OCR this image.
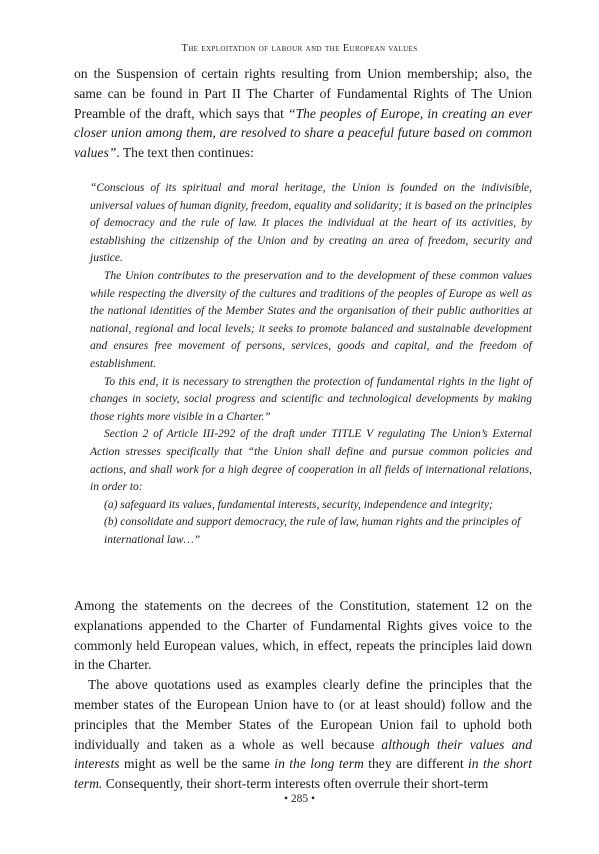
The exploitation of labour and the European values

on the Suspension of certain rights resulting from Union membership; also, the same can be found in Part II The Charter of Fundamental Rights of The Union Preamble of the draft, which says that “The peoples of Europe, in creating an ever closer union among them, are resolved to share a peaceful future based on common values”. The text then continues:

“Conscious of its spiritual and moral heritage, the Union is founded on the indivisible, universal values of human dignity, freedom, equality and solidarity; it is based on the principles of democracy and the rule of law. It places the individual at the heart of its activities, by establishing the citizenship of the Union and by creating an area of freedom, security and justice.

The Union contributes to the preservation and to the development of these common values while respecting the diversity of the cultures and traditions of the peoples of Europe as well as the national identities of the Member States and the organisation of their public authorities at national, regional and local levels; it seeks to promote balanced and sustainable development and ensures free movement of persons, services, goods and capital, and the freedom of establishment.

To this end, it is necessary to strengthen the protection of fundamental rights in the light of changes in society, social progress and scientific and technological developments by making those rights more visible in a Charter.”

Section 2 of Article III-292 of the draft under TITLE V regulating The Union’s External Action stresses specifically that “the Union shall define and pursue common policies and actions, and shall work for a high degree of cooperation in all fields of international relations, in order to:

(a) safeguard its values, fundamental interests, security, independence and integrity;

(b) consolidate and support democracy, the rule of law, human rights and the principles of

international law…”

Among the statements on the decrees of the Constitution, statement 12 on the explanations appended to the Charter of Fundamental Rights gives voice to the commonly held European values, which, in effect, repeats the principles laid down in the Charter.

The above quotations used as examples clearly define the principles that the member states of the European Union have to (or at least should) follow and the principles that the Member States of the European Union fail to uphold both individually and taken as a whole as well because although their values and interests might as well be the same in the long term they are different in the short term. Consequently, their short-term interests often overrule their short-term

• 285 •
